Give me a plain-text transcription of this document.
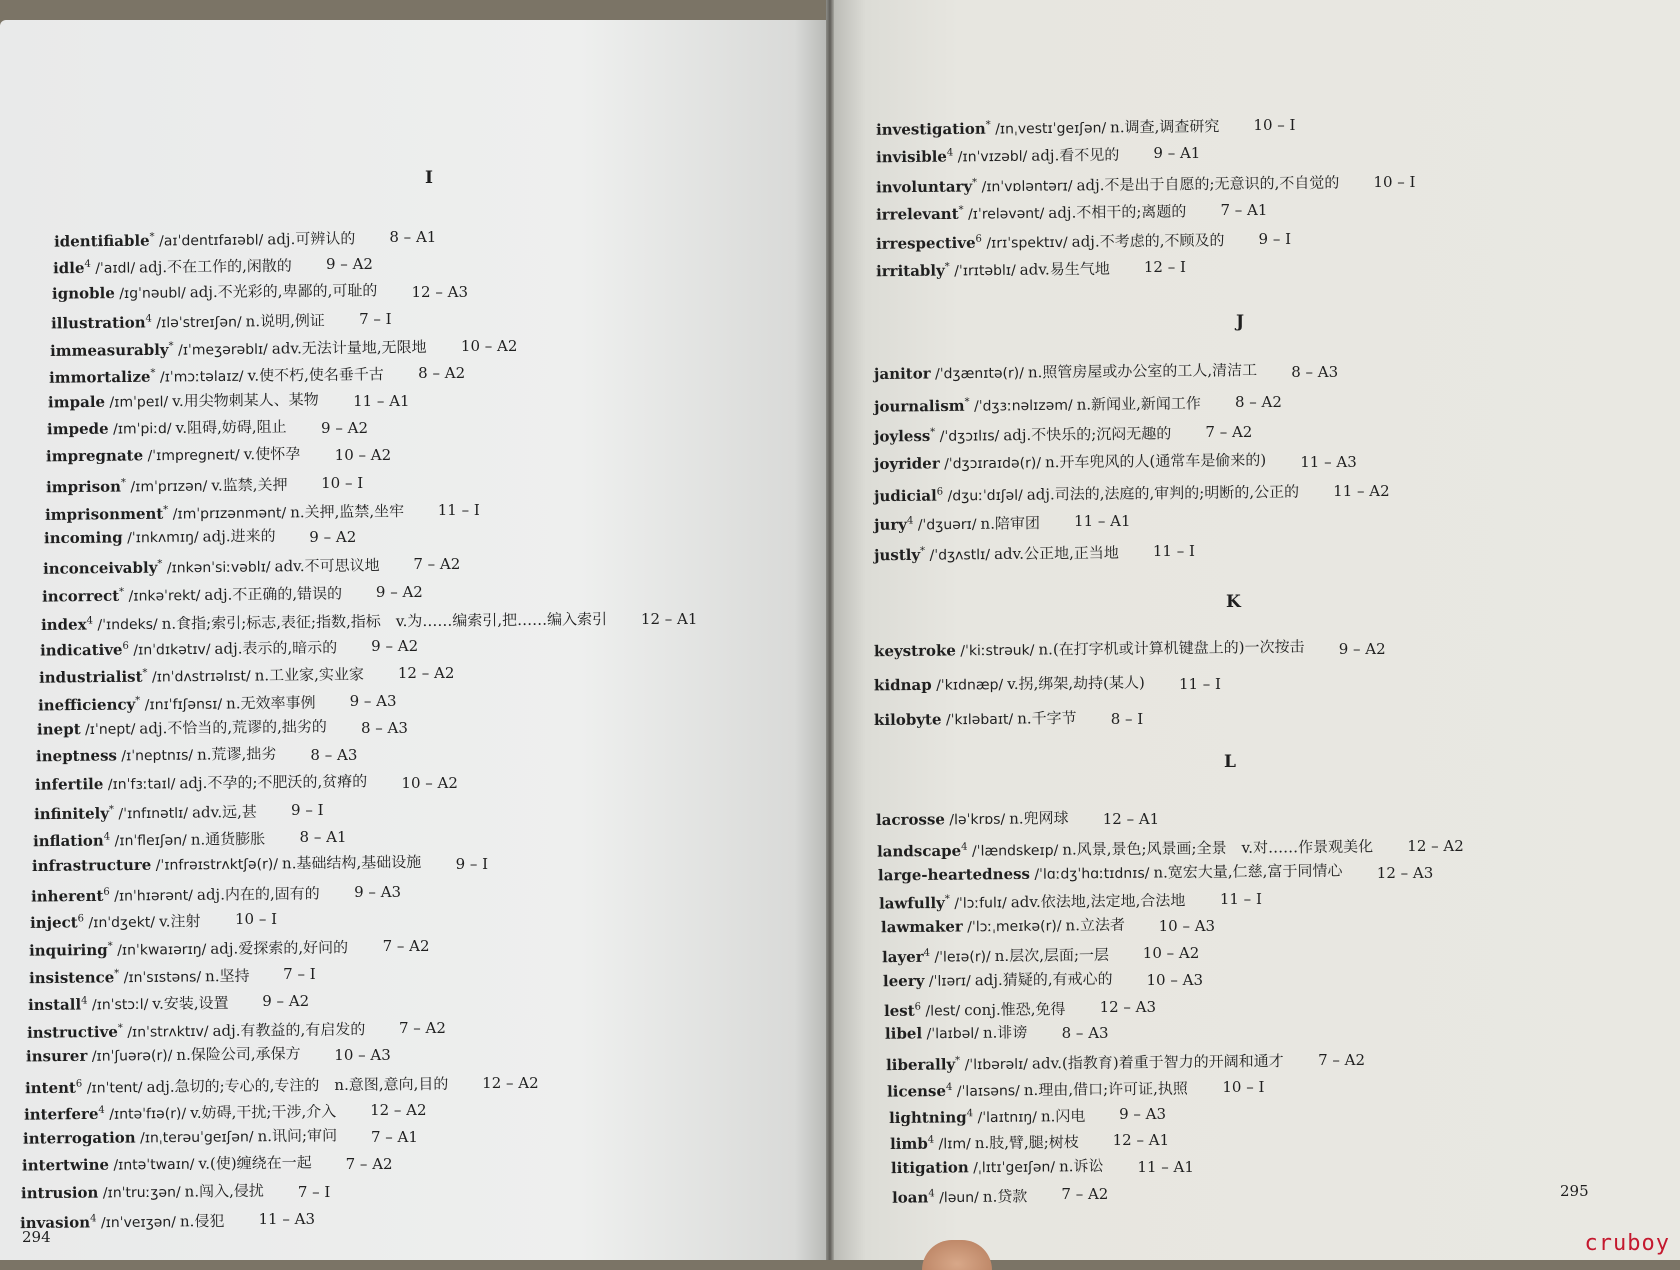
I
identifiable* /aɪˈdentɪfaɪəbl/ adj.可辨认的 8 – A1
idle$^4$ /ˈaɪdl/ adj.不在工作的,闲散的 9 – A2
ignoble /ɪgˈnəubl/ adj.不光彩的,卑鄙的,可耻的 12 – A3
illustration$^4$ /ɪləˈstreɪʃən/ n.说明,例证 7 – I
immeasurably* /ɪˈmeʒərəblɪ/ adv.无法计量地,无限地 10 – A2
immortalize* /ɪˈmɔːtəlaɪz/ v.使不朽,使名垂千古 8 – A2
impale /ɪmˈpeɪl/ v.用尖物刺某人、某物 11 – A1
impede /ɪmˈpiːd/ v.阻碍,妨碍,阻止 9 – A2
impregnate /ˈɪmpregneɪt/ v.使怀孕 10 – A2
imprison* /ɪmˈprɪzən/ v.监禁,关押 10 – I
imprisonment* /ɪmˈprɪzənmənt/ n.关押,监禁,坐牢 11 – I
incoming /ˈɪnkʌmɪŋ/ adj.进来的 9 – A2
inconceivably* /ɪnkənˈsiːvəblɪ/ adv.不可思议地 7 – A2
incorrect* /ɪnkəˈrekt/ adj.不正确的,错误的 9 – A2
index$^4$ /ˈɪndeks/ n.食指;索引;标志,表征;指数,指标　v.为……编索引,把……编入索引 12 – A1
indicative$^6$ /ɪnˈdɪkətɪv/ adj.表示的,暗示的 9 – A2
industrialist* /ɪnˈdʌstrɪəlɪst/ n.工业家,实业家 12 – A2
inefficiency* /ɪnɪˈfɪʃənsɪ/ n.无效率事例 9 – A3
inept /ɪˈnept/ adj.不恰当的,荒谬的,拙劣的 8 – A3
ineptness /ɪˈneptnɪs/ n.荒谬,拙劣 8 – A3
infertile /ɪnˈfɜːtaɪl/ adj.不孕的;不肥沃的,贫瘠的 10 – A2
infinitely* /ˈɪnfɪnətlɪ/ adv.远,甚 9 – I
inflation$^4$ /ɪnˈfleɪʃən/ n.通货膨胀 8 – A1
infrastructure /ˈɪnfrəɪstrʌktʃə(r)/ n.基础结构,基础设施 9 – I
inherent$^6$ /ɪnˈhɪərənt/ adj.内在的,固有的 9 – A3
inject$^6$ /ɪnˈdʒekt/ v.注射 10 – I
inquiring* /ɪnˈkwaɪərɪŋ/ adj.爱探索的,好问的 7 – A2
insistence* /ɪnˈsɪstəns/ n.坚持 7 – I
install$^4$ /ɪnˈstɔːl/ v.安装,设置 9 – A2
instructive* /ɪnˈstrʌktɪv/ adj.有教益的,有启发的 7 – A2
insurer /ɪnˈʃuərə(r)/ n.保险公司,承保方 10 – A3
intent$^6$ /ɪnˈtent/ adj.急切的;专心的,专注的　n.意图,意向,目的 12 – A2
interfere$^4$ /ɪntəˈfɪə(r)/ v.妨碍,干扰;干涉,介入 12 – A2
interrogation /ɪnˌterəuˈgeɪʃən/ n.讯问;审问 7 – A1
intertwine /ɪntəˈtwaɪn/ v.(使)缠绕在一起 7 – A2
intrusion /ɪnˈtruːʒən/ n.闯入,侵扰 7 – I
invasion$^4$ /ɪnˈveɪʒən/ n.侵犯 11 – A3
294
investigation* /ɪnˌvestɪˈgeɪʃən/ n.调查,调查研究 10 – I
invisible$^4$ /ɪnˈvɪzəbl/ adj.看不见的 9 – A1
involuntary* /ɪnˈvɒləntərɪ/ adj.不是出于自愿的;无意识的,不自觉的 10 – I
irrelevant* /ɪˈreləvənt/ adj.不相干的;离题的 7 – A1
irrespective$^6$ /ɪrɪˈspektɪv/ adj.不考虑的,不顾及的 9 – I
irritably* /ˈɪrɪtəblɪ/ adv.易生气地 12 – I
J
janitor /ˈdʒænɪtə(r)/ n.照管房屋或办公室的工人,清洁工 8 – A3
journalism* /ˈdʒɜːnəlɪzəm/ n.新闻业,新闻工作 8 – A2
joyless* /ˈdʒɔɪlɪs/ adj.不快乐的;沉闷无趣的 7 – A2
joyrider /ˈdʒɔɪraɪdə(r)/ n.开车兜风的人(通常车是偷来的) 11 – A3
judicial$^6$ /dʒuːˈdɪʃəl/ adj.司法的,法庭的,审判的;明断的,公正的 11 – A2
jury$^4$ /ˈdʒuərɪ/ n.陪审团 11 – A1
justly* /ˈdʒʌstlɪ/ adv.公正地,正当地 11 – I
K
keystroke /ˈkiːstrəuk/ n.(在打字机或计算机键盘上的)一次按击 9 – A2
kidnap /ˈkɪdnæp/ v.拐,绑架,劫持(某人) 11 – I
kilobyte /ˈkɪləbaɪt/ n.千字节 8 – I
L
lacrosse /ləˈkrɒs/ n.兜网球 12 – A1
landscape$^4$ /ˈlændskeɪp/ n.风景,景色;风景画;全景　v.对……作景观美化 12 – A2
large-heartedness /ˈlɑːdʒˈhɑːtɪdnɪs/ n.宽宏大量,仁慈,富于同情心 12 – A3
lawfully* /ˈlɔːfulɪ/ adv.依法地,法定地,合法地 11 – I
lawmaker /ˈlɔːˌmeɪkə(r)/ n.立法者 10 – A3
layer$^4$ /ˈleɪə(r)/ n.层次,层面;一层 10 – A2
leery /ˈlɪərɪ/ adj.猜疑的,有戒心的 10 – A3
lest$^6$ /lest/ conj.惟恐,免得 12 – A3
libel /ˈlaɪbəl/ n.诽谤 8 – A3
liberally* /ˈlɪbərəlɪ/ adv.(指教育)着重于智力的开阔和通才 7 – A2
license$^4$ /ˈlaɪsəns/ n.理由,借口;许可证,执照 10 – I
lightning$^4$ /ˈlaɪtnɪŋ/ n.闪电 9 – A3
limb$^4$ /lɪm/ n.肢,臂,腿;树枝 12 – A1
litigation /ˌlɪtɪˈgeɪʃən/ n.诉讼 11 – A1
loan$^4$ /ləun/ n.贷款 7 – A2	295
cruboy
